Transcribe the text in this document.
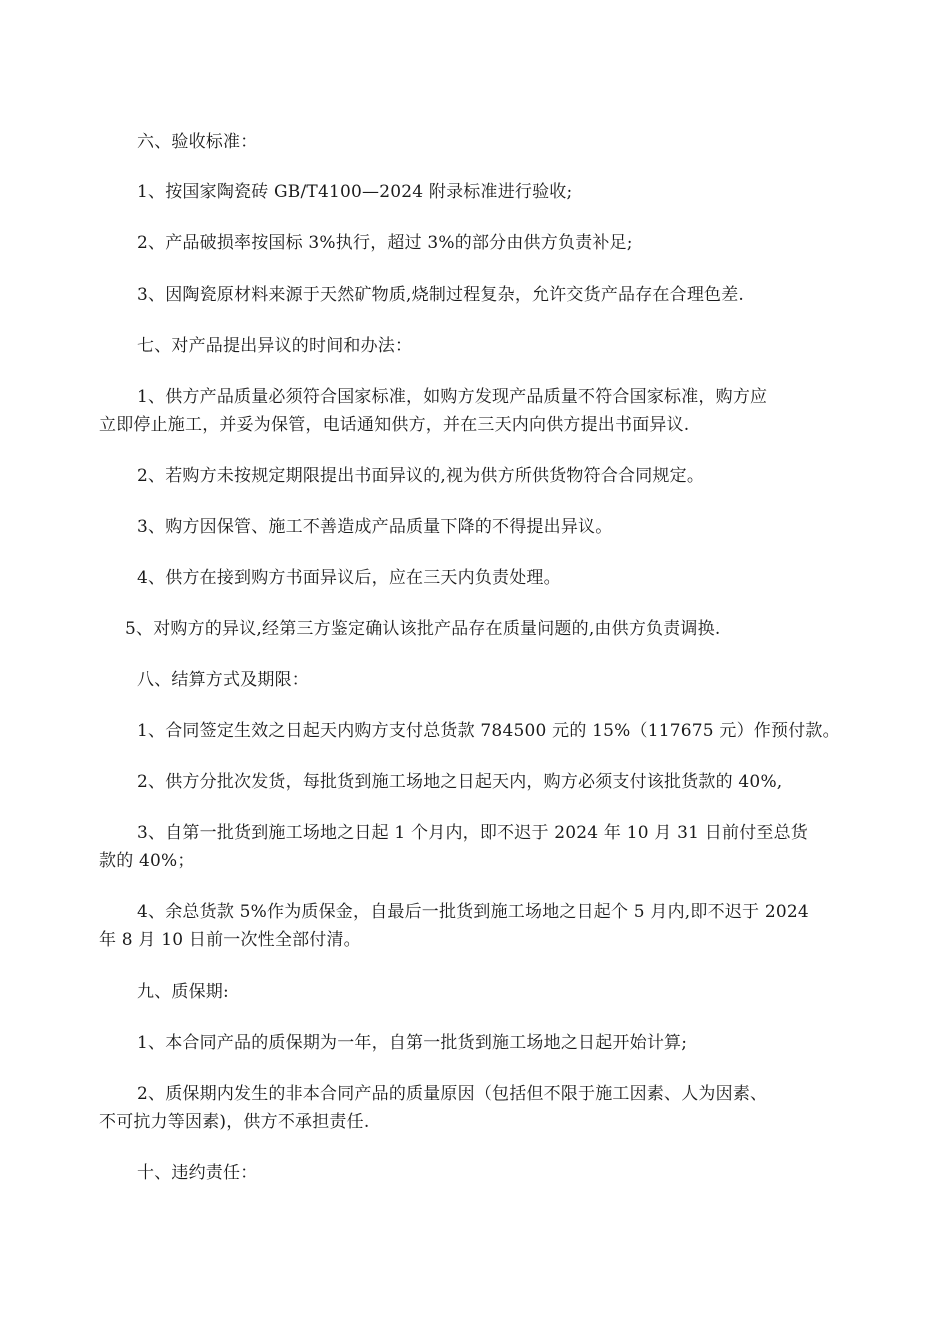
六、验收标准：
1、按国家陶瓷砖 GB/T4100—2024 附录标准进行验收;
2、产品破损率按国标 3%执行，超过 3%的部分由供方负责补足;
3、因陶瓷原材料来源于天然矿物质,烧制过程复杂，允许交货产品存在合理色差.
七、对产品提出异议的时间和办法：
1、供方产品质量必须符合国家标准，如购方发现产品质量不符合国家标准，购方应
立即停止施工，并妥为保管，电话通知供方，并在三天内向供方提出书面异议.
2、若购方未按规定期限提出书面异议的,视为供方所供货物符合合同规定。
3、购方因保管、施工不善造成产品质量下降的不得提出异议。
4、供方在接到购方书面异议后，应在三天内负责处理。
5、对购方的异议,经第三方鉴定确认该批产品存在质量问题的,由供方负责调换.
八、结算方式及期限：
1、合同签定生效之日起天内购方支付总货款 784500 元的 15%（117675 元）作预付款。
2、供方分批次发货，每批货到施工场地之日起天内，购方必须支付该批货款的 40%,
3、自第一批货到施工场地之日起 1 个月内，即不迟于 2024 年 10 月 31 日前付至总货
款的 40%；
4、余总货款 5%作为质保金，自最后一批货到施工场地之日起个 5 月内,即不迟于 2024
年 8 月 10 日前一次性全部付清。
九、质保期:
1、本合同产品的质保期为一年，自第一批货到施工场地之日起开始计算;
2、质保期内发生的非本合同产品的质量原因（包括但不限于施工因素、人为因素、
不可抗力等因素)，供方不承担责任.
十、违约责任：
